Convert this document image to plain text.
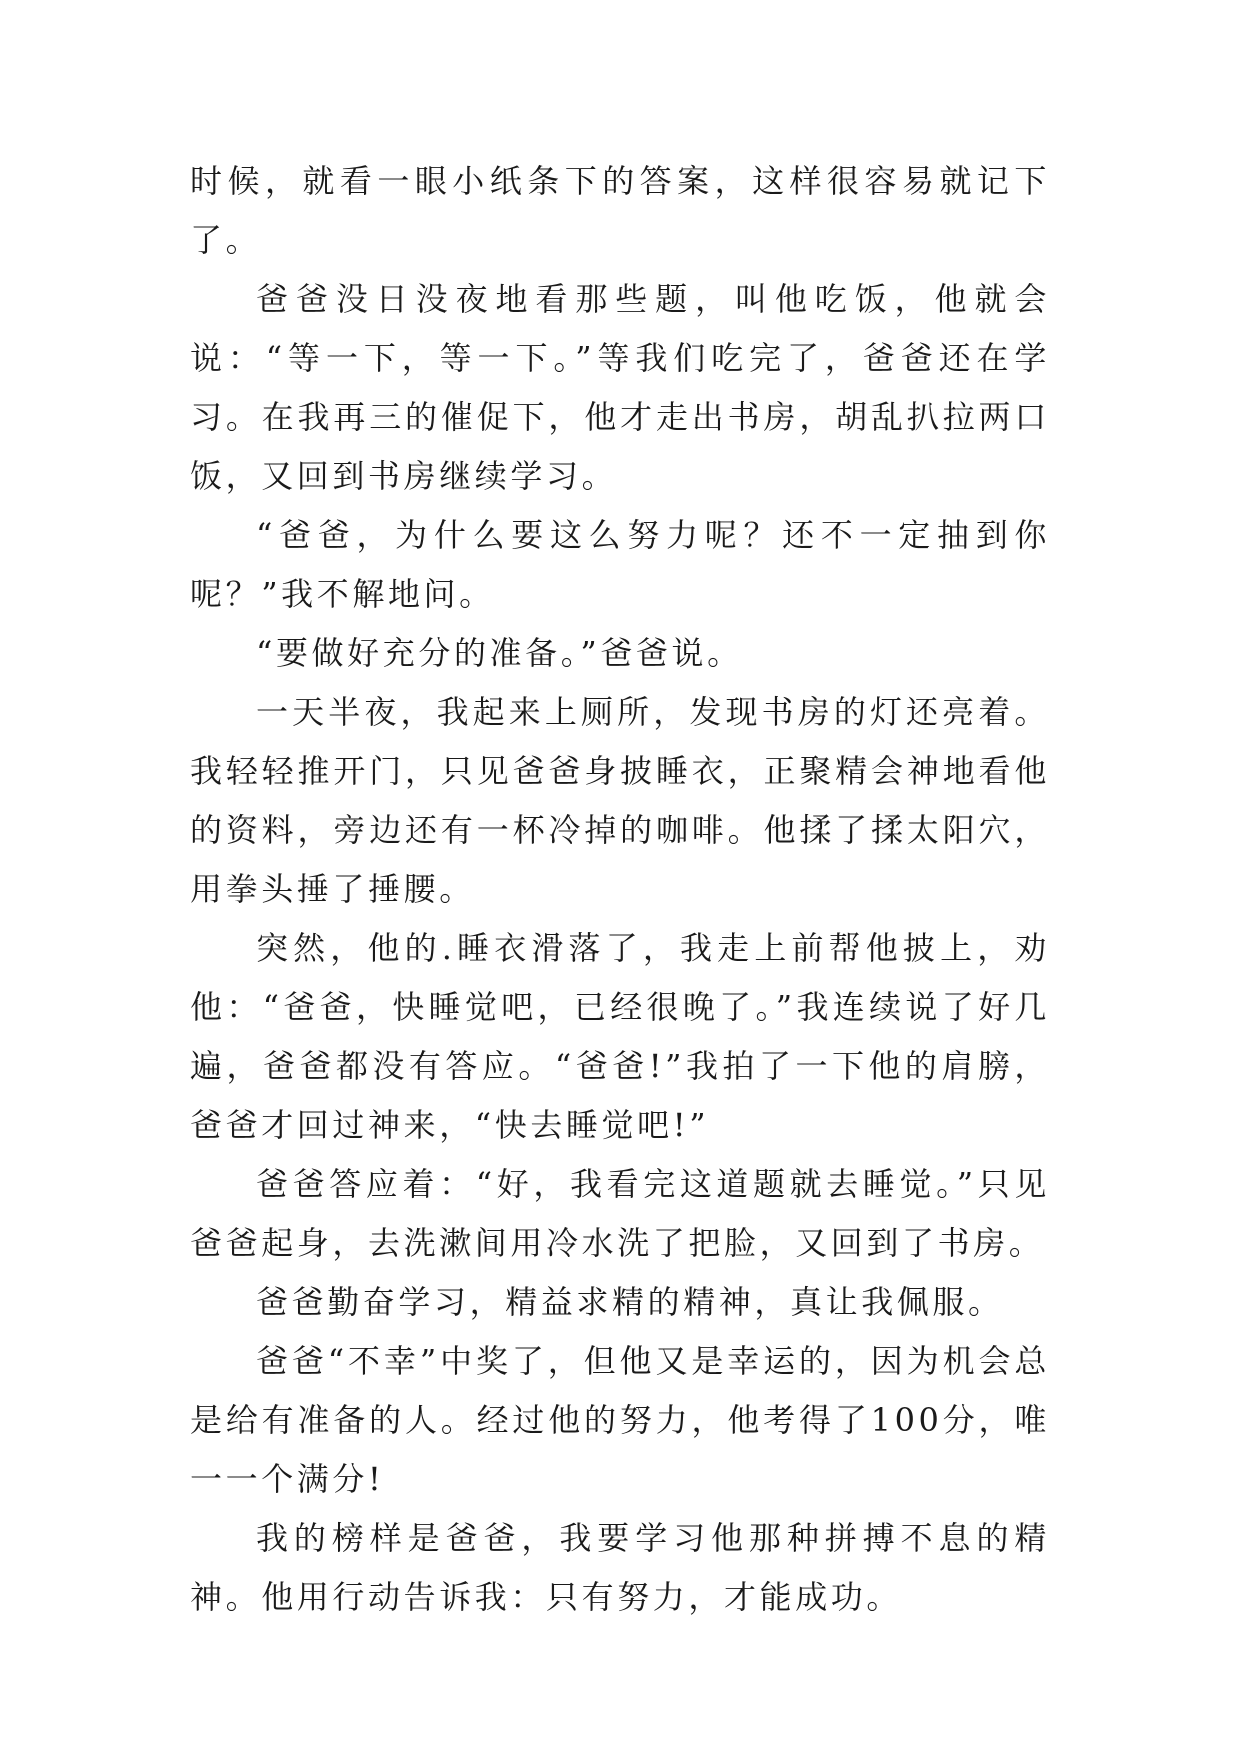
时候，就看一眼小纸条下的答案，这样很容易就记下了。

爸爸没日没夜地看那些题，叫他吃饭，他就会说：“等一下，等一下。”等我们吃完了，爸爸还在学习。在我再三的催促下，他才走出书房，胡乱扒拉两口饭，又回到书房继续学习。

“爸爸，为什么要这么努力呢？还不一定抽到你呢？”我不解地问。

“要做好充分的准备。”爸爸说。

一天半夜，我起来上厕所，发现书房的灯还亮着。我轻轻推开门，只见爸爸身披睡衣，正聚精会神地看他的资料，旁边还有一杯冷掉的咖啡。他揉了揉太阳穴，用拳头捶了捶腰。

突然，他的.睡衣滑落了，我走上前帮他披上，劝他：“爸爸，快睡觉吧，已经很晚了。”我连续说了好几遍，爸爸都没有答应。“爸爸!”我拍了一下他的肩膀，爸爸才回过神来，“快去睡觉吧!”

爸爸答应着：“好，我看完这道题就去睡觉。”只见爸爸起身，去洗漱间用冷水洗了把脸，又回到了书房。

爸爸勤奋学习，精益求精的精神，真让我佩服。

爸爸“不幸”中奖了，但他又是幸运的，因为机会总是给有准备的人。经过他的努力，他考得了100分，唯一一个满分!

我的榜样是爸爸，我要学习他那种拼搏不息的精神。他用行动告诉我：只有努力，才能成功。
